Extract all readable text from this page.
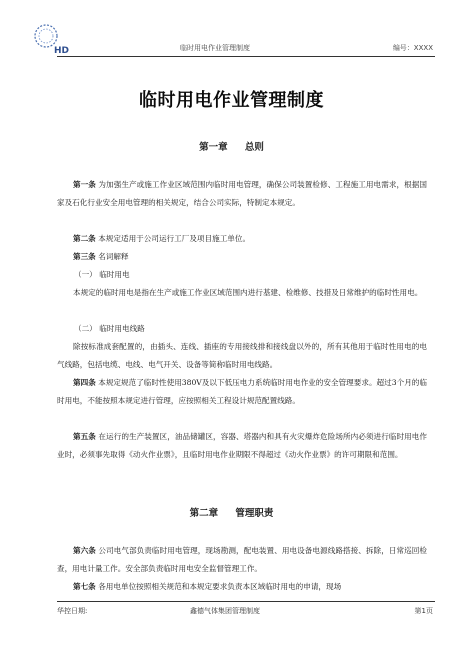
HD	临时用电作业管理制度	编号：XXXX
临时用电作业管理制度
第一章 总则
第一条 为加强生产或施工作业区域范围内临时用电管理，确保公司装置检修、工程施工用电需求，根据国家及石化行业安全用电管理的相关规定，结合公司实际，特制定本规定。
第二条 本规定适用于公司运行工厂及项目施工单位。
第三条 名词解释
（一） 临时用电
本规定的临时用电是指在生产或施工作业区域范围内进行基建、检维修、技措及日常维护的临时性用电。
（二） 临时用电线路
除按标准成套配置的，由插头、连线、插座的专用接线排和接线盘以外的，所有其他用于临时性用电的电气线路，包括电缆、电线、电气开关、设备等简称临时用电线路。
第四条 本规定规范了临时性使用380V及以下低压电力系统临时用电作业的安全管理要求。超过3个月的临时用电，不能按照本规定进行管理，应按照相关工程设计规范配置线路。
第五条 在运行的生产装置区，油品储罐区，容器、塔器内和具有火灾爆炸危险场所内必须进行临时用电作业时，必须事先取得《动火作业票》，且临时用电作业期限不得超过《动火作业票》的许可期限和范围。
第二章 管理职责
第六条 公司电气部负责临时用电管理，现场勘测，配电装置、用电设备电源线路搭接、拆除，日常巡回检查，用电计量工作。安全部负责临时用电安全监督管理工作。
第七条 各用电单位按照相关规范和本规定要求负责本区域临时用电的申请，现场
华控日期:	鑫德气体集团管理制度	第1页
